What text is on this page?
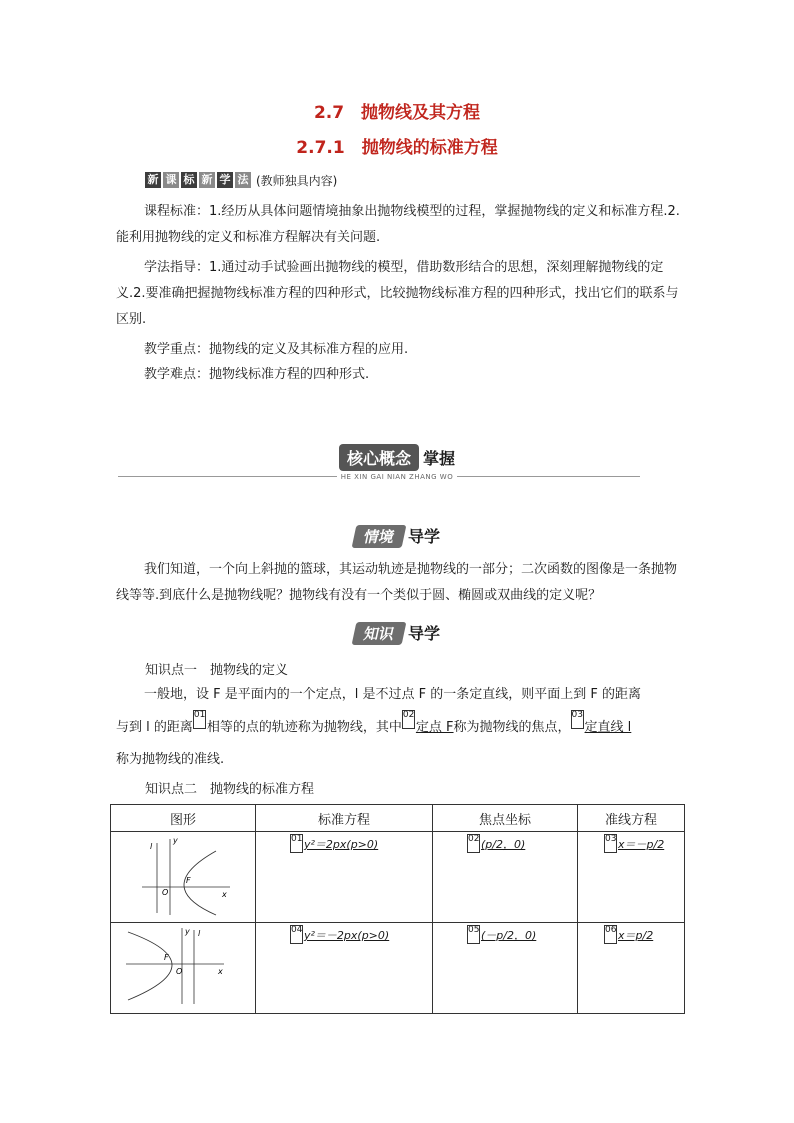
2.7　抛物线及其方程
2.7.1　抛物线的标准方程
新 课 标 新 学 法 (教师独具内容)
课程标准：1.经历从具体问题情境抽象出抛物线模型的过程，掌握抛物线的定义和标准方程.2.能利用抛物线的定义和标准方程解决有关问题.
学法指导：1.通过动手试验画出抛物线的模型，借助数形结合的思想，深刻理解抛物线的定义.2.要准确把握抛物线标准方程的四种形式，比较抛物线标准方程的四种形式，找出它们的联系与区别.
教学重点：抛物线的定义及其标准方程的应用.
教学难点：抛物线标准方程的四种形式.
核心概念 掌握
HE XIN GAI NIAN ZHANG WO
情境 导学
我们知道，一个向上斜抛的篮球，其运动轨迹是抛物线的一部分；二次函数的图像是一条抛物线等等.到底什么是抛物线呢？抛物线有没有一个类似于圆、椭圆或双曲线的定义呢？
知识 导学
知识点一　抛物线的定义
一般地，设 F 是平面内的一个定点，l 是不过点 F 的一条定直线，则平面上到 F 的距离
与到 l 的距离01相等的点的轨迹称为抛物线，其中02定点 F称为抛物线的焦点，03定直线 l
称为抛物线的准线.
知识点二　抛物线的标准方程
图形	标准方程	焦点坐标	准线方程

l
y
O
F
x	01 y²＝2px(p>0)	02 (p/2，0)	03 x＝－p/2

l
y
O
F
x	04 y²＝－2px(p>0)	05 (－p/2，0)	06 x＝p/2
